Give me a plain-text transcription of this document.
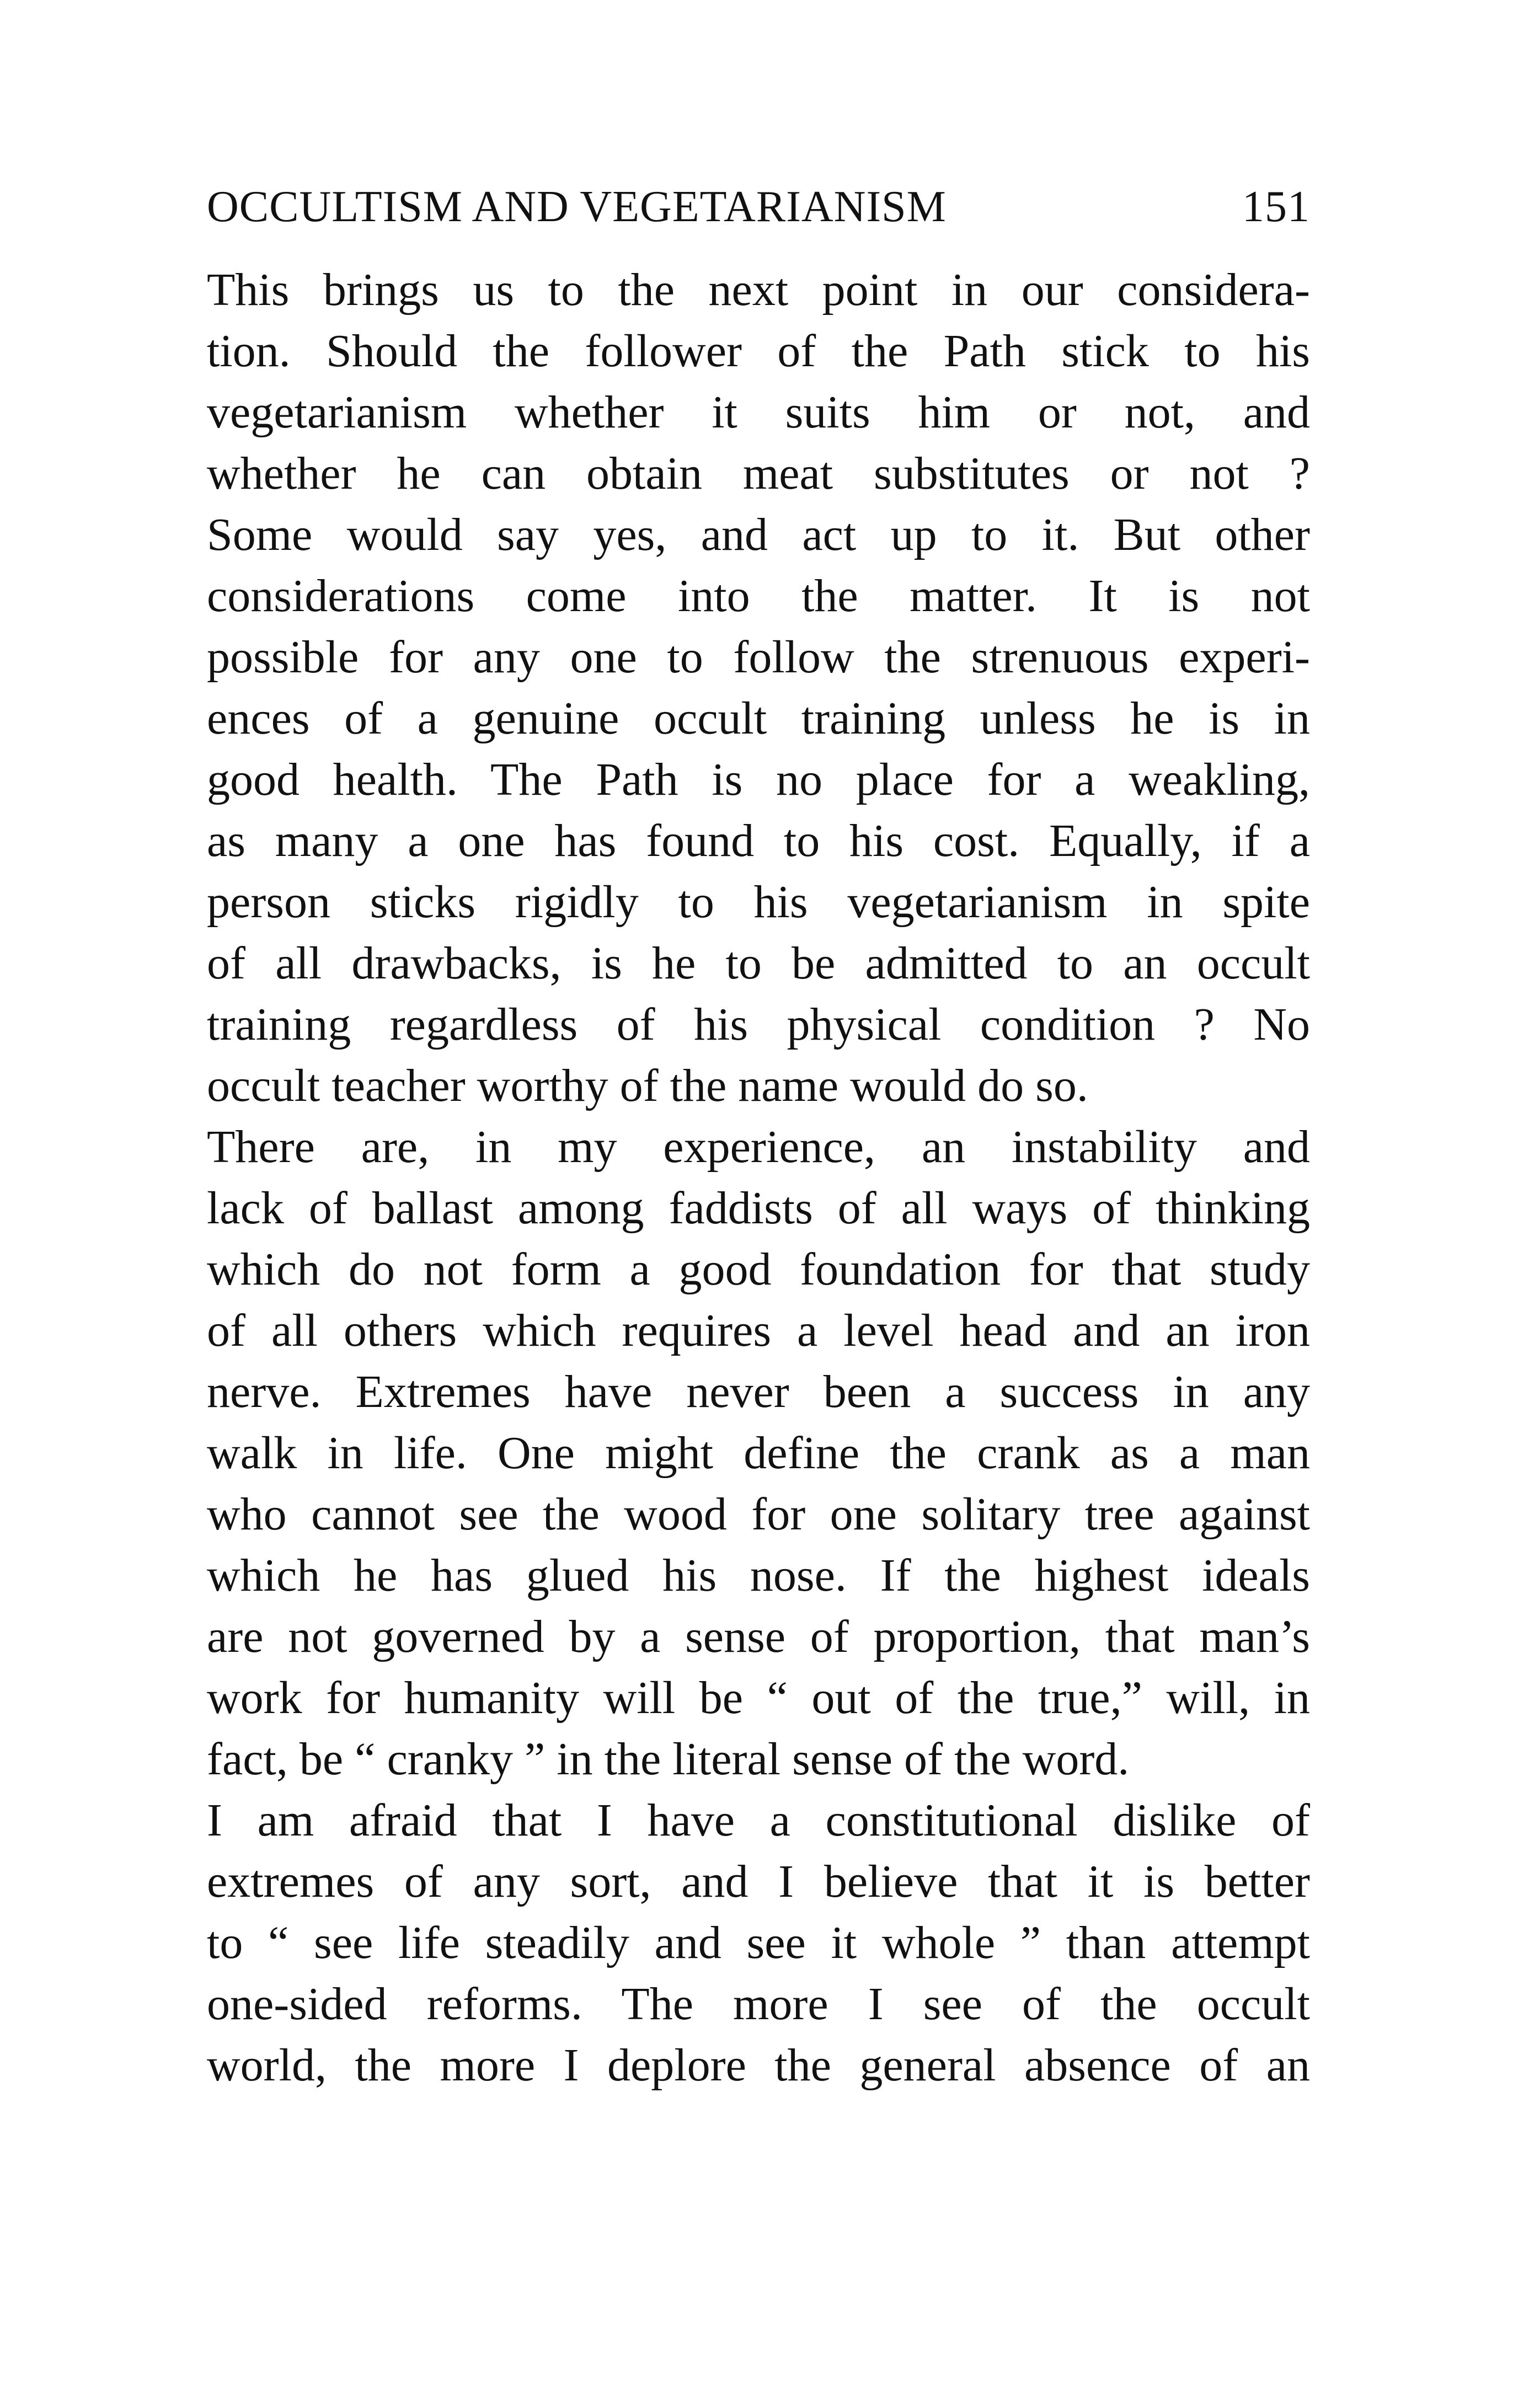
OCCULTISM AND VEGETARIANISM	151
This brings us to the next point in our considera-
tion. Should the follower of the Path stick to his
vegetarianism whether it suits him or not, and
whether he can obtain meat substitutes or not ?
Some would say yes, and act up to it. But other
considerations come into the matter. It is not
possible for any one to follow the strenuous experi-
ences of a genuine occult training unless he is in
good health. The Path is no place for a weakling,
as many a one has found to his cost. Equally, if a
person sticks rigidly to his vegetarianism in spite
of all drawbacks, is he to be admitted to an occult
training regardless of his physical condition ? No
occult teacher worthy of the name would do so.
There are, in my experience, an instability and
lack of ballast among faddists of all ways of thinking
which do not form a good foundation for that study
of all others which requires a level head and an iron
nerve. Extremes have never been a success in any
walk in life. One might define the crank as a man
who cannot see the wood for one solitary tree against
which he has glued his nose. If the highest ideals
are not governed by a sense of proportion, that man’s
work for humanity will be “ out of the true,” will, in
fact, be “ cranky ” in the literal sense of the word.
I am afraid that I have a constitutional dislike of
extremes of any sort, and I believe that it is better
to “ see life steadily and see it whole ” than attempt
one-sided reforms. The more I see of the occult
world, the more I deplore the general absence of an
